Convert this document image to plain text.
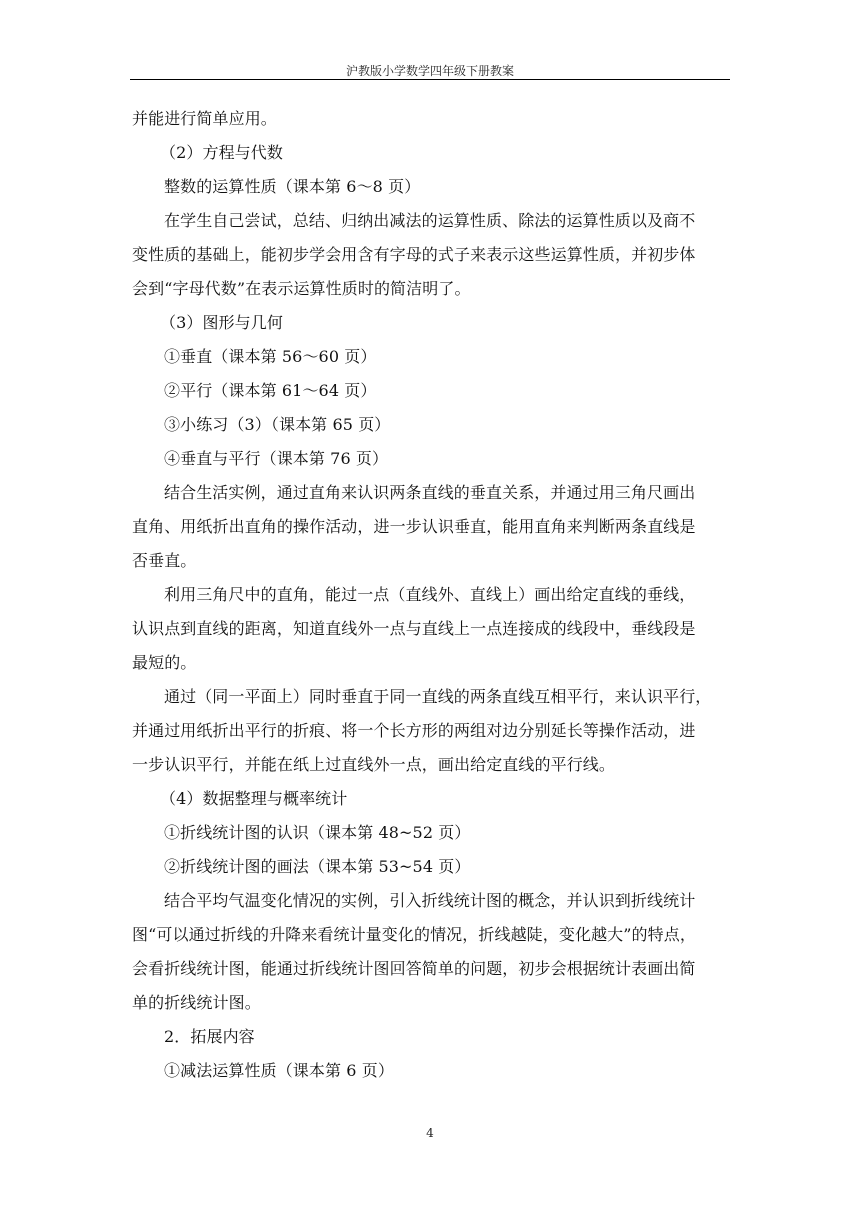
沪教版小学数学四年级下册教案
并能进行简单应用。
（2）方程与代数
整数的运算性质（课本第 6～8 页）
在学生自己尝试，总结、归纳出减法的运算性质、除法的运算性质以及商不
变性质的基础上，能初步学会用含有字母的式子来表示这些运算性质，并初步体
会到“字母代数”在表示运算性质时的简洁明了。
（3）图形与几何
①垂直（课本第 56～60 页）
②平行（课本第 61～64 页）
③小练习（3）（课本第 65 页）
④垂直与平行（课本第 76 页）
结合生活实例，通过直角来认识两条直线的垂直关系，并通过用三角尺画出
直角、用纸折出直角的操作活动，进一步认识垂直，能用直角来判断两条直线是
否垂直。
利用三角尺中的直角，能过一点（直线外、直线上）画出给定直线的垂线，
认识点到直线的距离，知道直线外一点与直线上一点连接成的线段中，垂线段是
最短的。
通过（同一平面上）同时垂直于同一直线的两条直线互相平行，来认识平行，
并通过用纸折出平行的折痕、将一个长方形的两组对边分别延长等操作活动，进
一步认识平行，并能在纸上过直线外一点，画出给定直线的平行线。
（4）数据整理与概率统计
①折线统计图的认识（课本第 48~52 页）
②折线统计图的画法（课本第 53~54 页）
结合平均气温变化情况的实例，引入折线统计图的概念，并认识到折线统计
图“可以通过折线的升降来看统计量变化的情况，折线越陡，变化越大”的特点，
会看折线统计图，能通过折线统计图回答简单的问题，初步会根据统计表画出简
单的折线统计图。
2．拓展内容
①减法运算性质（课本第 6 页）
4
